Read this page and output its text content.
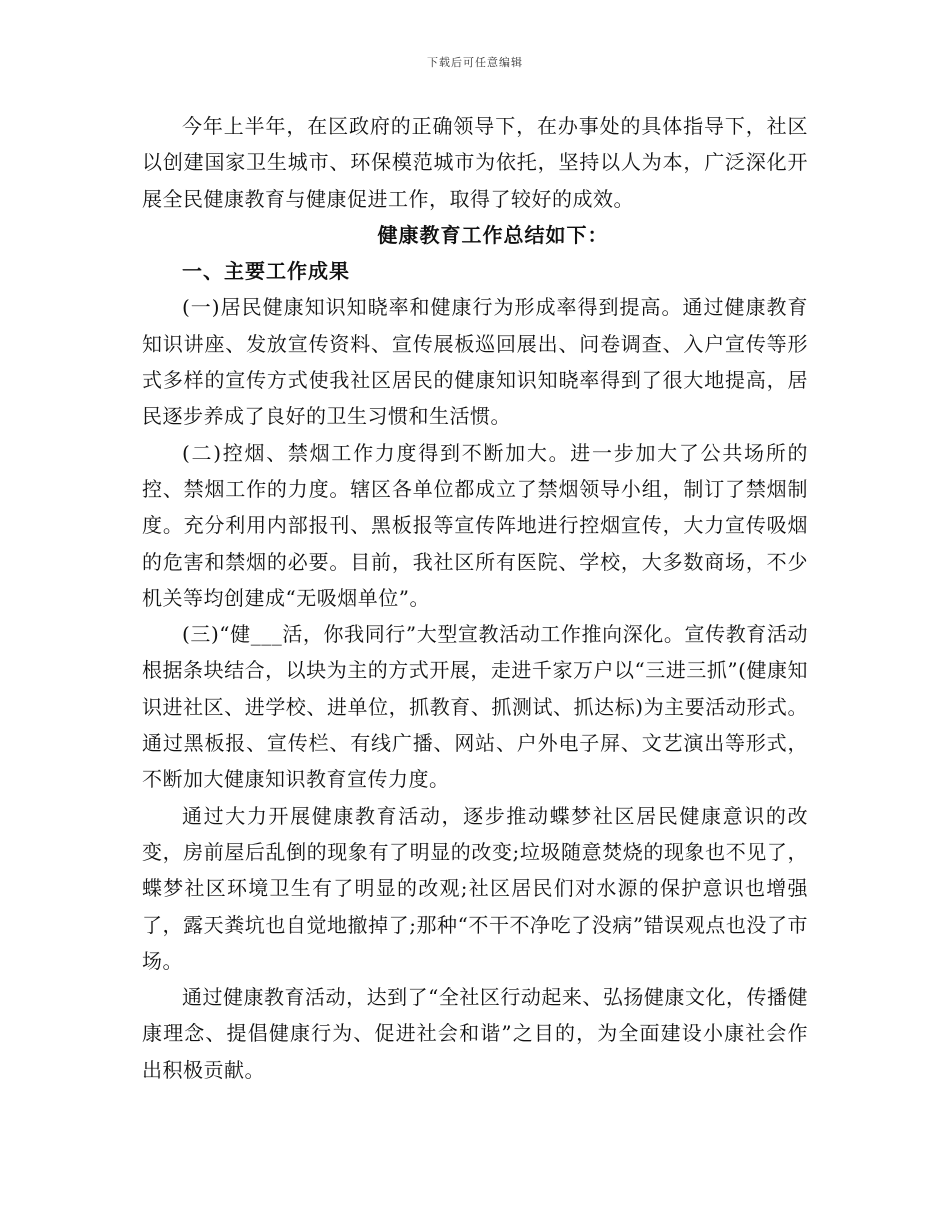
下载后可任意编辑

今年上半年，在区政府的正确领导下，在办事处的具体指导下，社区以创建国家卫生城市、环保模范城市为依托，坚持以人为本，广泛深化开展全民健康教育与健康促进工作，取得了较好的成效。

健康教育工作总结如下：

一、主要工作成果

(一)居民健康知识知晓率和健康行为形成率得到提高。通过健康教育知识讲座、发放宣传资料、宣传展板巡回展出、问卷调查、入户宣传等形式多样的宣传方式使我社区居民的健康知识知晓率得到了很大地提高，居民逐步养成了良好的卫生习惯和生活惯。

(二)控烟、禁烟工作力度得到不断加大。进一步加大了公共场所的控、禁烟工作的力度。辖区各单位都成立了禁烟领导小组，制订了禁烟制度。充分利用内部报刊、黑板报等宣传阵地进行控烟宣传，大力宣传吸烟的危害和禁烟的必要。目前，我社区所有医院、学校，大多数商场，不少机关等均创建成“无吸烟单位”。

(三)“健___活，你我同行”大型宣教活动工作推向深化。宣传教育活动根据条块结合，以块为主的方式开展，走进千家万户以“三进三抓”(健康知识进社区、进学校、进单位，抓教育、抓测试、抓达标)为主要活动形式。通过黑板报、宣传栏、有线广播、网站、户外电子屏、文艺演出等形式，不断加大健康知识教育宣传力度。

通过大力开展健康教育活动，逐步推动蝶梦社区居民健康意识的改变，房前屋后乱倒的现象有了明显的改变;垃圾随意焚烧的现象也不见了，蝶梦社区环境卫生有了明显的改观;社区居民们对水源的保护意识也增强了，露天粪坑也自觉地撤掉了;那种“不干不净吃了没病”错误观点也没了市场。

通过健康教育活动，达到了“全社区行动起来、弘扬健康文化，传播健康理念、提倡健康行为、促进社会和谐”之目的，为全面建设小康社会作出积极贡献。
